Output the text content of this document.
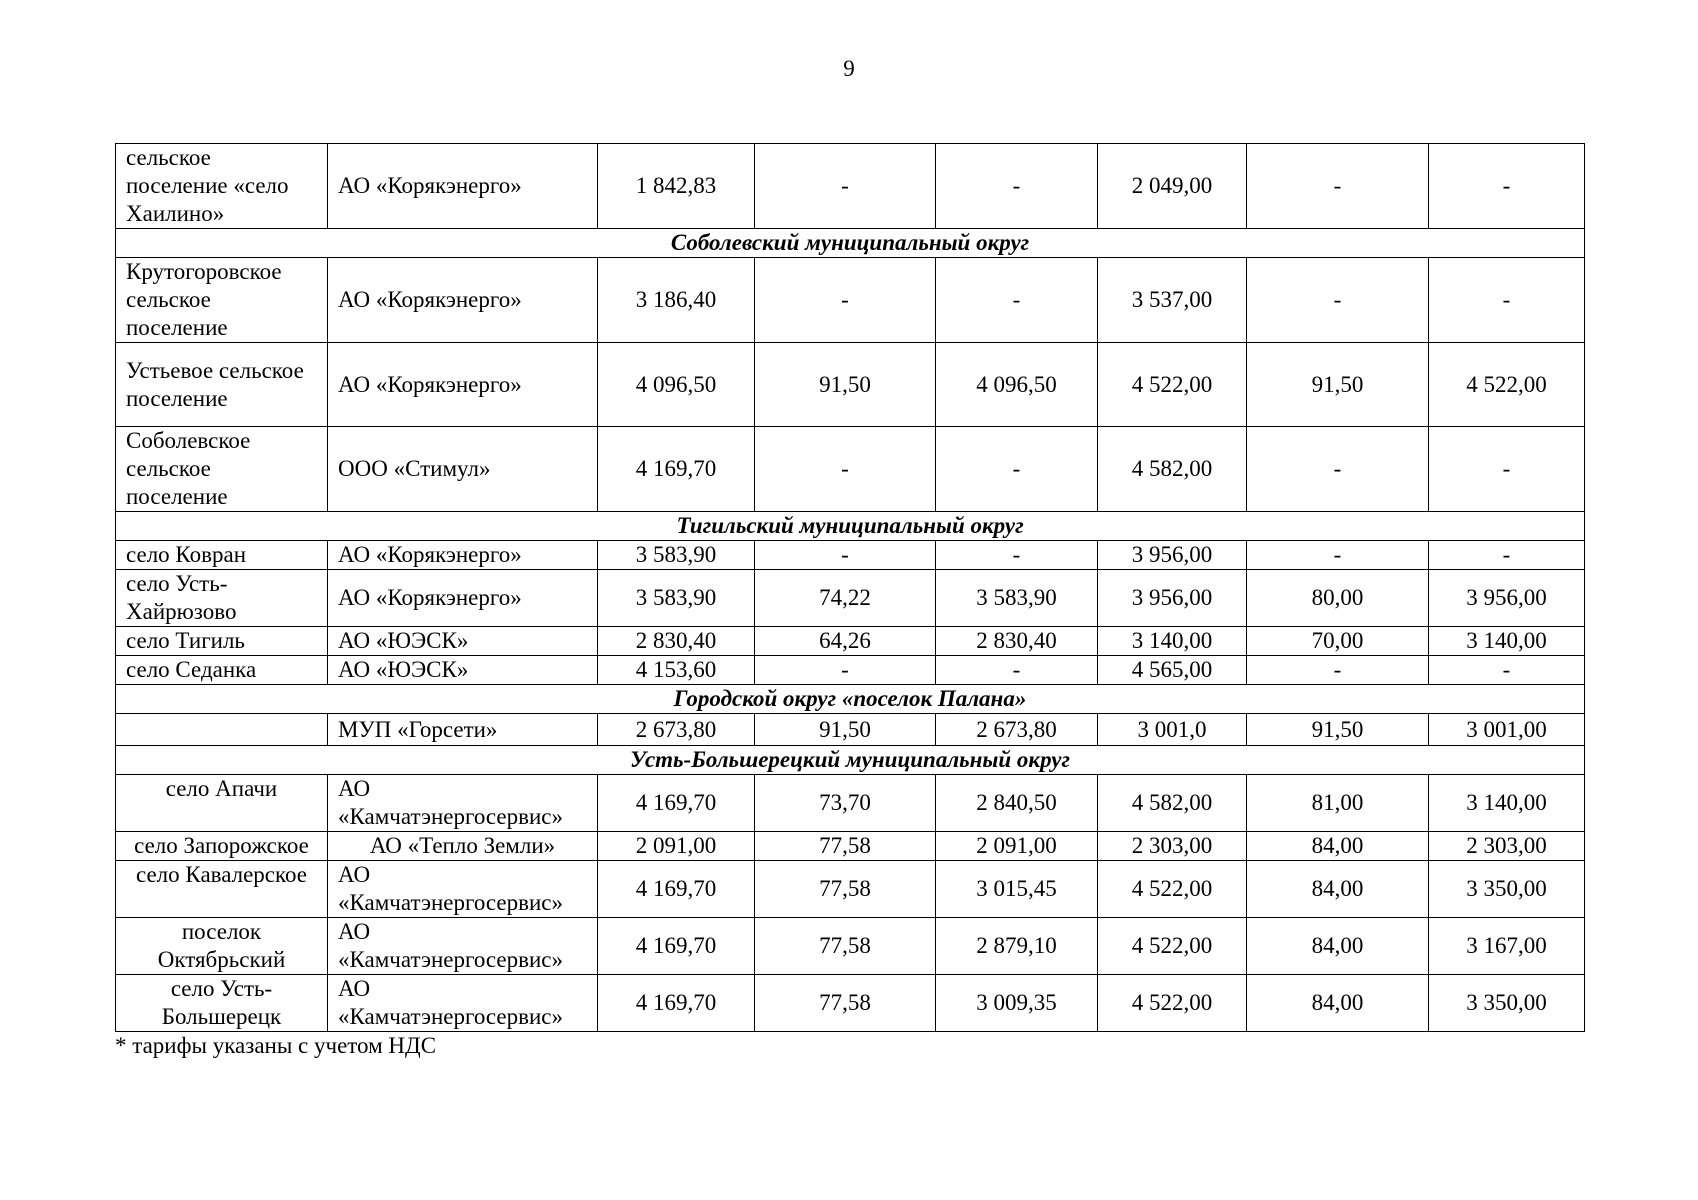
9
сельское поселение «село Хаилино»	АО «Корякэнерго»	1 842,83	-	-	2 049,00	-	-
Соболевский муниципальный округ							
Крутогоровское сельское поселение	АО «Корякэнерго»	3 186,40	-	-	3 537,00	-	-
Устьевое сельское поселение	АО «Корякэнерго»	4 096,50	91,50	4 096,50	4 522,00	91,50	4 522,00
Соболевское сельское поселение	ООО «Стимул»	4 169,70	-	-	4 582,00	-	-
Тигильский муниципальный округ							
село Ковран	АО «Корякэнерго»	3 583,90	-	-	3 956,00	-	-
село Усть-Хайрюзово	АО «Корякэнерго»	3 583,90	74,22	3 583,90	3 956,00	80,00	3 956,00
село Тигиль	АО «ЮЭСК»	2 830,40	64,26	2 830,40	3 140,00	70,00	3 140,00
село Седанка	АО «ЮЭСК»	4 153,60	-	-	4 565,00	-	-
Городской округ «поселок Палана»							
	МУП «Горсети»	2 673,80	91,50	2 673,80	3 001,0	91,50	3 001,00
Усть-Большерецкий муниципальный округ							
село Апачи	АО «Камчатэнергосервис»	4 169,70	73,70	2 840,50	4 582,00	81,00	3 140,00
село Запорожское	АО «Тепло Земли»	2 091,00	77,58	2 091,00	2 303,00	84,00	2 303,00
село Кавалерское	АО «Камчатэнергосервис»	4 169,70	77,58	3 015,45	4 522,00	84,00	3 350,00
поселок Октябрьский	АО «Камчатэнергосервис»	4 169,70	77,58	2 879,10	4 522,00	84,00	3 167,00
село Усть-Большерецк	АО «Камчатэнергосервис»	4 169,70	77,58	3 009,35	4 522,00	84,00	3 350,00
* тарифы указаны с учетом НДС
